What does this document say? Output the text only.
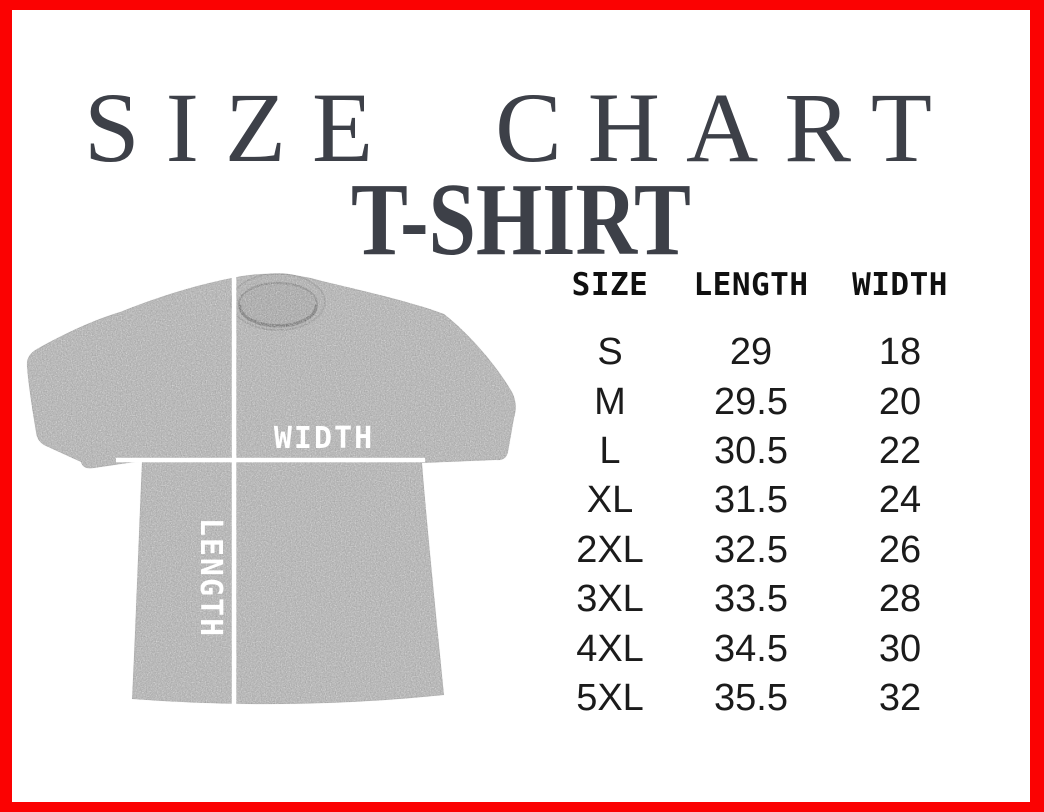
SIZE CHART
T-SHIRT
WIDTH
LENGTH
SIZE	LENGTH	WIDTH
S	29	18
M	29.5	20
L	30.5	22
XL	31.5	24
2XL	32.5	26
3XL	33.5	28
4XL	34.5	30
5XL	35.5	32
